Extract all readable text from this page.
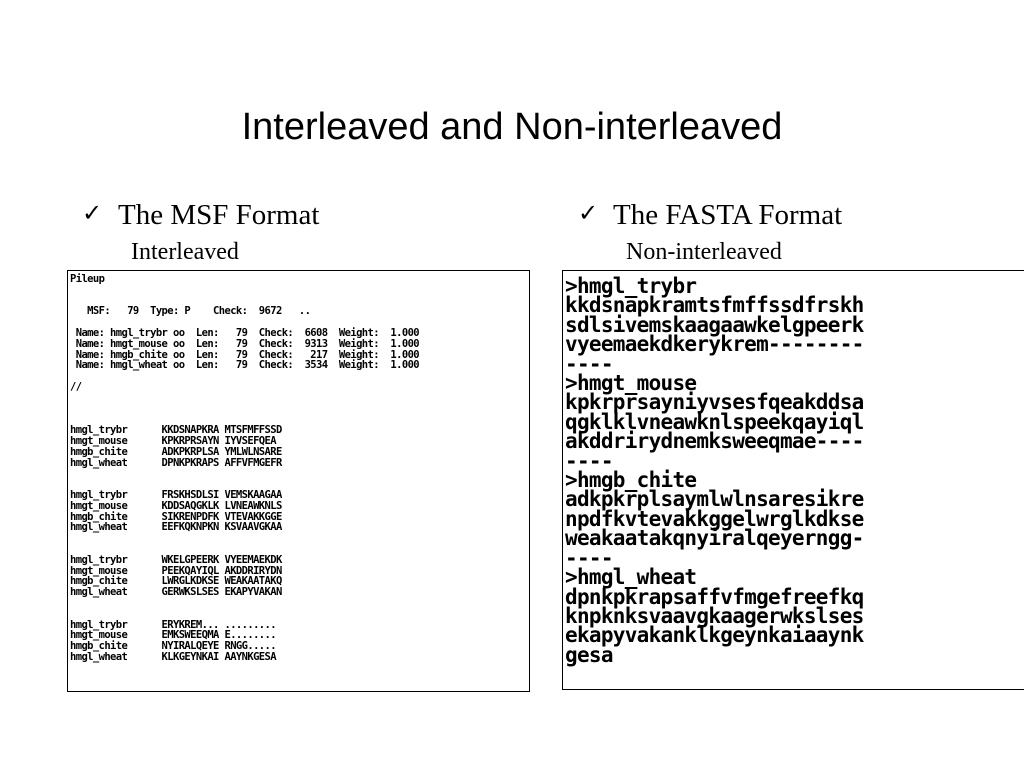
Interleaved and Non-interleaved
✓ The MSF Format
Interleaved
✓ The FASTA Format
Non-interleaved
Pileup

MSF:   79  Type: P    Check:  9672   ..

Name: hmgl_trybr oo  Len:   79  Check:  6608  Weight:  1.000
Name: hmgt_mouse oo  Len:   79  Check:  9313  Weight:  1.000
Name: hmgb_chite oo  Len:   79  Check:   217  Weight:  1.000
Name: hmgl_wheat oo  Len:   79  Check:  3534  Weight:  1.000

//

hmgl_trybr      KKDSNAPKRA MTSFMFFSSD
hmgt_mouse      KPKRPRSAYN IYVSEFQEA
hmgb_chite      ADKPKRPLSA YMLWLNSARE
hmgl_wheat      DPNKPKRAPS AFFVFMGEFR

hmgl_trybr      FRSKHSDLSI VEMSKAAGAA
hmgt_mouse      KDDSAQGKLK LVNEAWKNLS
hmgb_chite      SIKRENPDFK VTEVAKKGGE
hmgl_wheat      EEFKQKNPKN KSVAAVGKAA

hmgl_trybr      WKELGPEERK VYEEMAEKDK
hmgt_mouse      PEEKQAYIQL AKDDRIRYDN
hmgb_chite      LWRGLKDKSE WEAKAATAKQ
hmgl_wheat      GERWKSLSES EKAPYVAKAN

hmgl_trybr      ERYKREM... .........
hmgt_mouse      EMKSWEEQMA E........
hmgb_chite      NYIRALQEYE RNGG.....
hmgl_wheat      KLKGEYNKAI AAYNKGESA
>hmgl_trybr
kkdsnapkramtsfmffssdfrskh
sdlsivemskaagaawkelgpeerk
vyeemaekdkerykrem--------
----
>hmgt_mouse
kpkrprsayniyvsesfqeakddsa
qgklklvneawknlspeekqayiql
akddrirydnemksweeqmae----
----
>hmgb_chite
adkpkrplsaymlwlnsaresikre
npdfkvtevakkggelwrglkdkse
weakaatakqnyiralqeyerngg-
----
>hmgl_wheat
dpnkpkrapsaffvfmgefreefkq
knpknksvaavgkaagerwkslses
ekapyvakanklkgeynkaiaaynk
gesa
